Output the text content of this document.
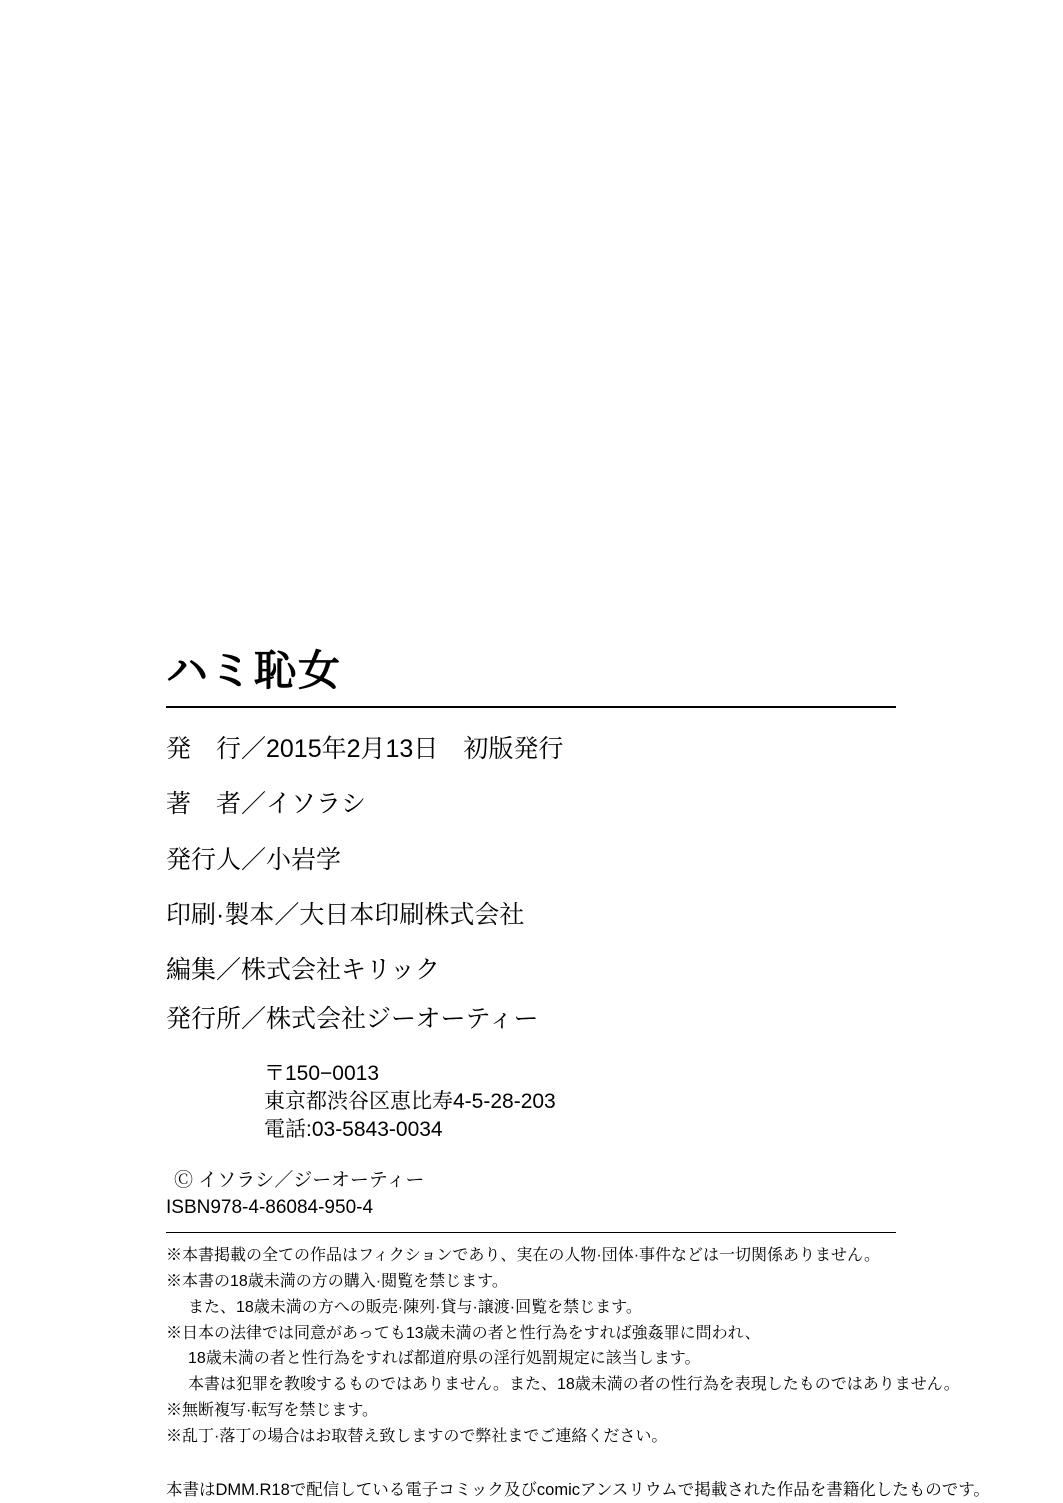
ハミ恥女
発　行／2015年2月13日　初版発行
著　者／イソラシ
発行人／小岩学
印刷·製本／大日本印刷株式会社
編集／株式会社キリック
発行所／株式会社ジーオーティー
〒150−0013
東京都渋谷区恵比寿4-5-28-203
電話:03-5843-0034
Ⓒ イソラシ／ジーオーティー
ISBN978-4-86084-950-4
※本書掲載の全ての作品はフィクションであり、実在の人物·団体·事件などは一切関係ありません。
※本書の18歳未満の方の購入·閲覧を禁じます。
また、18歳未満の方への販売·陳列·貸与·譲渡·回覧を禁じます。
※日本の法律では同意があっても13歳未満の者と性行為をすれば強姦罪に問われ、
18歳未満の者と性行為をすれば都道府県の淫行処罰規定に該当します。
本書は犯罪を教唆するものではありません。また、18歳未満の者の性行為を表現したものではありません。
※無断複写·転写を禁じます。
※乱丁·落丁の場合はお取替え致しますので弊社までご連絡ください。
本書はDMM.R18で配信している電子コミック及びcomicアンスリウムで掲載された作品を書籍化したものです。
